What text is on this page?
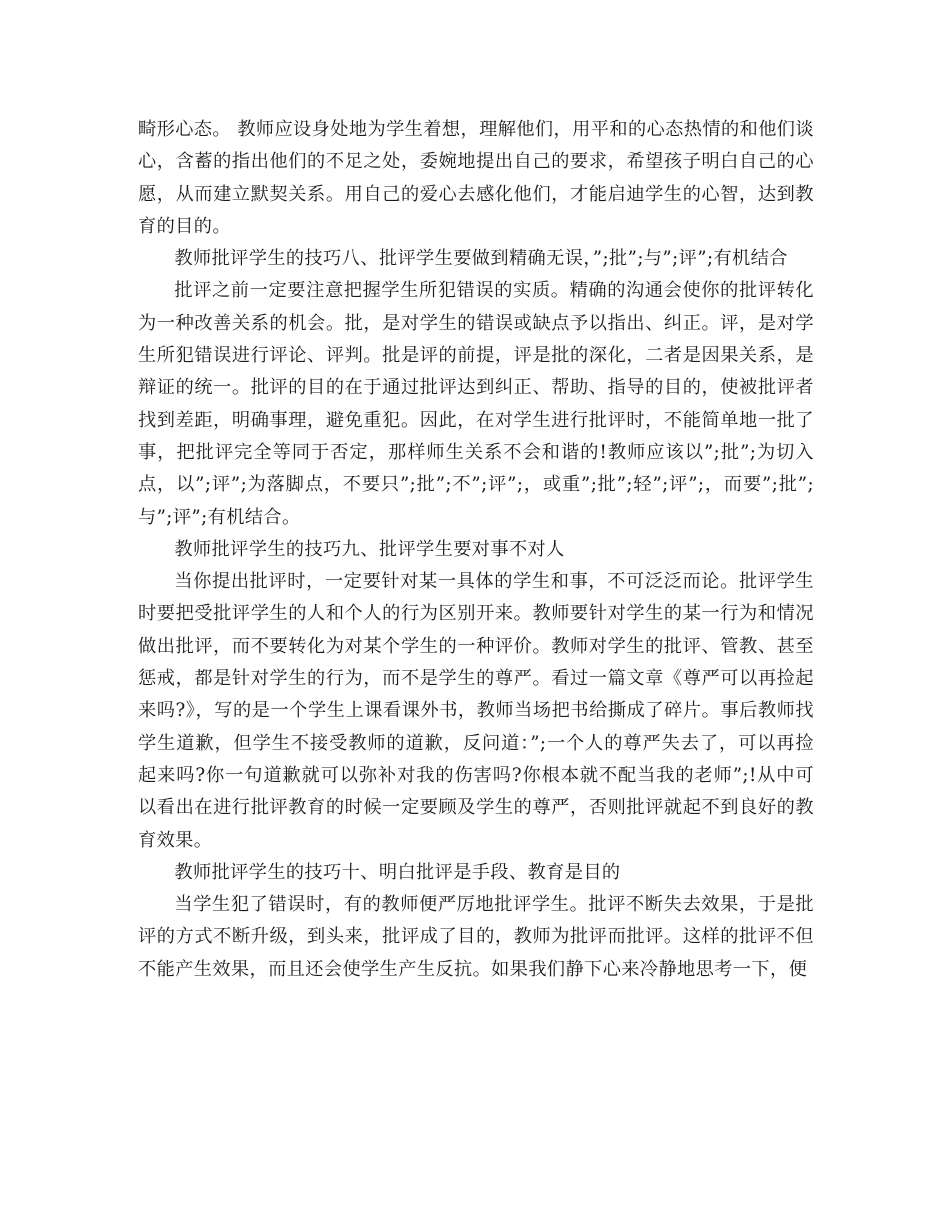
畸形心态。 教师应设身处地为学生着想，理解他们，用平和的心态热情的和他们谈心，含蓄的指出他们的不足之处，委婉地提出自己的要求，希望孩子明白自己的心愿，从而建立默契关系。用自己的爱心去感化他们，才能启迪学生的心智，达到教育的目的。

教师批评学生的技巧八、批评学生要做到精确无误，”;批”;与”;评”;有机结合

批评之前一定要注意把握学生所犯错误的实质。精确的沟通会使你的批评转化为一种改善关系的机会。批，是对学生的错误或缺点予以指出、纠正。评，是对学生所犯错误进行评论、评判。批是评的前提，评是批的深化，二者是因果关系，是辩证的统一。批评的目的在于通过批评达到纠正、帮助、指导的目的，使被批评者找到差距，明确事理，避免重犯。因此，在对学生进行批评时，不能简单地一批了事，把批评完全等同于否定，那样师生关系不会和谐的!教师应该以”;批”;为切入点，以”;评”;为落脚点，不要只”;批”;不”;评”;，或重”;批”;轻”;评”;，而要”;批”;与”;评”;有机结合。

教师批评学生的技巧九、批评学生要对事不对人

当你提出批评时，一定要针对某一具体的学生和事，不可泛泛而论。批评学生时要把受批评学生的人和个人的行为区别开来。教师要针对学生的某一行为和情况做出批评，而不要转化为对某个学生的一种评价。教师对学生的批评、管教、甚至惩戒，都是针对学生的行为，而不是学生的尊严。看过一篇文章《尊严可以再捡起来吗?》，写的是一个学生上课看课外书，教师当场把书给撕成了碎片。事后教师找学生道歉，但学生不接受教师的道歉，反问道：”;一个人的尊严失去了，可以再捡起来吗?你一句道歉就可以弥补对我的伤害吗?你根本就不配当我的老师”;!从中可以看出在进行批评教育的时候一定要顾及学生的尊严，否则批评就起不到良好的教育效果。

教师批评学生的技巧十、明白批评是手段、教育是目的

当学生犯了错误时，有的教师便严厉地批评学生。批评不断失去效果，于是批评的方式不断升级，到头来，批评成了目的，教师为批评而批评。这样的批评不但不能产生效果，而且还会使学生产生反抗。如果我们静下心来冷静地思考一下，便
